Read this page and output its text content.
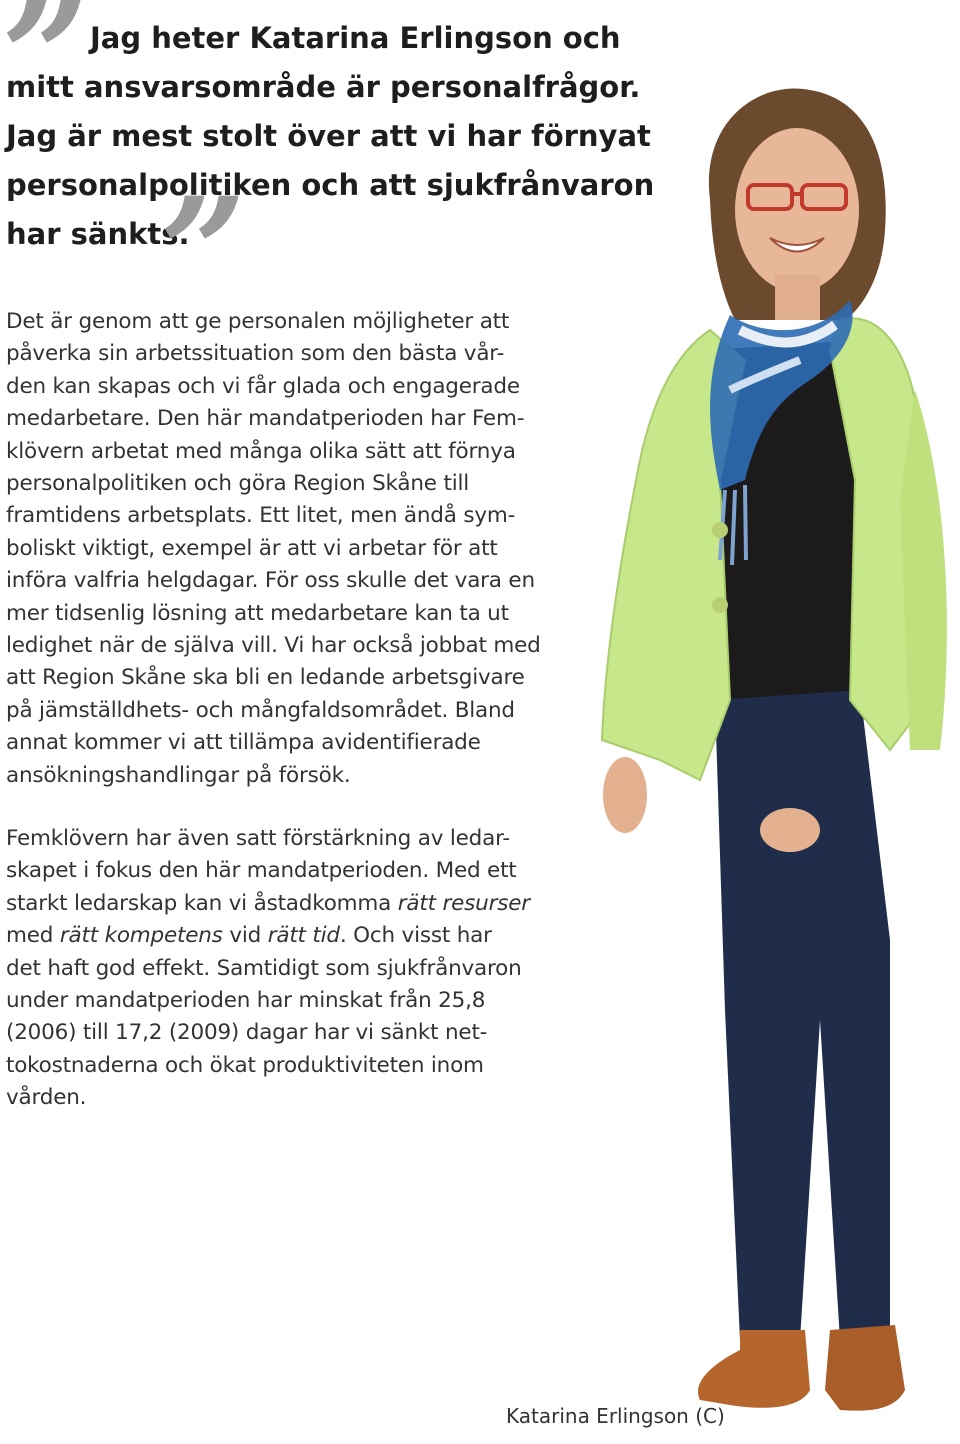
” Jag heter Katarina Erlingson och
mitt ansvarsområde är personalfrågor.
Jag är mest stolt över att vi har förnyat
personalpolitiken och att sjukfrånvaron
har sänkts.
”
Det är genom att ge personalen möjligheter att
påverka sin arbetssituation som den bästa vår-
den kan skapas och vi får glada och engagerade
medarbetare. Den här mandatperioden har Fem-
klövern arbetat med många olika sätt att förnya
personalpolitiken och göra Region Skåne till
framtidens arbetsplats. Ett litet, men ändå sym-
boliskt viktigt, exempel är att vi arbetar för att
införa valfria helgdagar. För oss skulle det vara en
mer tidsenlig lösning att medarbetare kan ta ut
ledighet när de själva vill. Vi har också jobbat med
att Region Skåne ska bli en ledande arbetsgivare
på jämställdhets- och mångfaldsområdet. Bland
annat kommer vi att tillämpa avidentifierade
ansökningshandlingar på försök.
Femklövern har även satt förstärkning av ledar-
skapet i fokus den här mandatperioden. Med ett
starkt ledarskap kan vi åstadkomma rätt resurser
med rätt kompetens vid rätt tid. Och visst har
det haft god effekt. Samtidigt som sjukfrånvaron
under mandatperioden har minskat från 25,8
(2006) till 17,2 (2009) dagar har vi sänkt net-
tokostnaderna och ökat produktiviteten inom
vården.
Katarina Erlingson (C)
